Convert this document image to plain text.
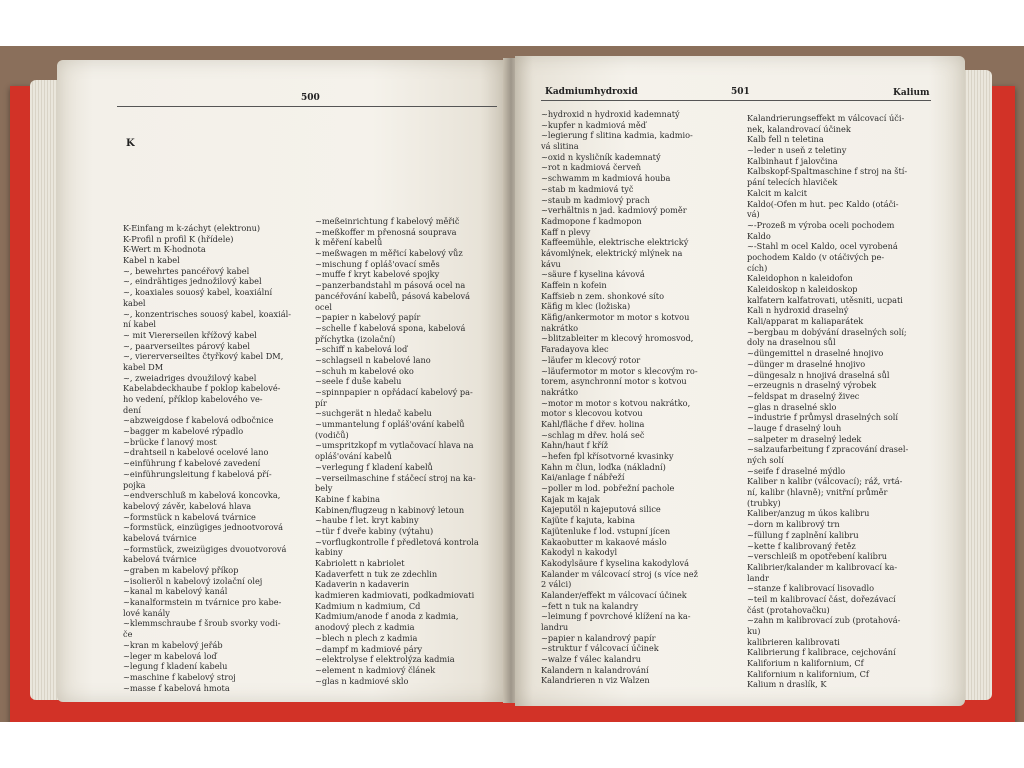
500
K
K-Einfang m k-záchyt (elektronu)
K-Profil n profil K (hřídele)
K-Wert m K-hodnota
Kabel n kabel
~, bewehrtes pancéřový kabel
~, eindrähtiges jednožilový kabel
~, koaxiales souosý kabel, koaxiální
kabel
~, konzentrisches souosý kabel, koaxiál-
ní kabel
~ mit Viererseilen křížový kabel
~, paarverseiltes párový kabel
~, viererverseiltes čtyřkový kabel DM,
kabel DM
~, zweiadriges dvoužilový kabel
Kabelabdeckhaube f poklop kabelové-
ho vedení, příklop kabelového ve-
dení
~abzweigdose f kabelová odbočnice
~bagger m kabelové rýpadlo
~brücke f lanový most
~drahtseil n kabelové ocelové lano
~einführung f kabelové zavedení
~einführungsleitung f kabelová pří-
pojka
~endverschluß m kabelová koncovka,
kabelový závěr, kabelová hlava
~formstück n kabelová tvárnice
~formstück, einzügiges jednootvorová
kabelová tvárnice
~formstück, zweizügiges dvouotvorová
kabelová tvárnice
~graben m kabelový příkop
~isolieröl n kabelový izolační olej
~kanal m kabelový kanál
~kanalformstein m tvárnice pro kabe-
lové kanály
~klemmschraube f šroub svorky vodi-
če
~kran m kabelový jeřáb
~leger m kabelová loď
~legung f kladení kabelu
~maschine f kabelový stroj
~masse f kabelová hmota
~meßeinrichtung f kabelový měřič
~meßkoffer m přenosná souprava
k měření kabelů
~meßwagen m měřicí kabelový vůz
~mischung f opláš'ovací směs
~muffe f kryt kabelové spojky
~panzerbandstahl m pásová ocel na
pancéřování kabelů, pásová kabelová
ocel
~papier n kabelový papír
~schelle f kabelová spona, kabelová
příchytka (izolační)
~schiff n kabelová loď
~schlagseil n kabelové lano
~schuh m kabelové oko
~seele f duše kabelu
~spinnpapier n opřádací kabelový pa-
pír
~suchgerät n hledač kabelu
~ummantelung f opláš'ování kabelů
(vodičů)
~umspritzkopf m vytlačovací hlava na
opláš'ování kabelů
~verlegung f kladení kabelů
~verseilmaschine f stáčecí stroj na ka-
bely
Kabine f kabina
Kabinen/flugzeug n kabinový letoun
~haube f let. kryt kabiny
~tür f dveře kabiny (výtahu)
~vorflugkontrolle f předletová kontrola
kabiny
Kabriolett n kabriolet
Kadaverfett n tuk ze zdechlin
Kadaverin n kadaverin
kadmieren kadmiovati, podkadmiovati
Kadmium n kadmium, Cd
Kadmium/anode f anoda z kadmia,
anodový plech z kadmia
~blech n plech z kadmia
~dampf m kadmiové páry
~elektrolyse f elektrolýza kadmia
~element n kadmiový článek
~glas n kadmiové sklo
Kadmiumhydroxid	501	Kalium
~hydroxid n hydroxid kademnatý
~kupfer n kadmiová měď
~legierung f slitina kadmia, kadmio-
vá slitina
~oxid n kysličník kademnatý
~rot n kadmiová červeň
~schwamm m kadmiová houba
~stab m kadmiová tyč
~staub m kadmiový prach
~verhältnis n jad. kadmiový poměr
Kadmopone f kadmopon
Kaff n plevy
Kaffeemühle, elektrische elektrický
kávomlýnek, elektrický mlýnek na
kávu
~säure f kyselina kávová
Kaffein n kofein
Kaffsieb n zem. shonkové síto
Käfig m klec (ložiska)
Käfig/ankermotor m motor s kotvou
nakrátko
~blitzableiter m klecový hromosvod,
Faradayova klec
~läufer m klecový rotor
~läufermotor m motor s klecovým ro-
torem, asynchronní motor s kotvou
nakrátko
~motor m motor s kotvou nakrátko,
motor s klecovou kotvou
Kahl/fläche f dřev. holina
~schlag m dřev. holá seč
Kahn/haut f kříž
~hefen fpl křísotvorné kvasinky
Kahn m člun, loďka (nákladní)
Kai/anlage f nábřeží
~poller m lod. pobřežní pachole
Kajak m kajak
Kajeputöl n kajeputová silice
Kajüte f kajuta, kabina
Kajütenluke f lod. vstupní jícen
Kakaobutter m kakaové máslo
Kakodyl n kakodyl
Kakodylsäure f kyselina kakodylová
Kalander m válcovací stroj (s více než
2 válci)
Kalander/effekt m válcovací účinek
~fett n tuk na kalandry
~leimung f povrchové klížení na ka-
landru
~papier n kalandrový papír
~struktur f válcovací účinek
~walze f válec kalandru
Kalandern n kalandrování
Kalandrieren n viz Walzen
Kalandrierungseffekt m válcovací úči-
nek, kalandrovací účinek
Kalb fell n teletina
~leder n useň z teletiny
Kalbinhaut f jalovčina
Kalbskopf-Spaltmaschine f stroj na ští-
pání telecích hlaviček
Kalcit m kalcit
Kaldo(-Ofen m hut. pec Kaldo (otáči-
vá)
~-Prozeß m výroba oceli pochodem
Kaldo
~-Stahl m ocel Kaldo, ocel vyrobená
pochodem Kaldo (v otáčivých pe-
cích)
Kaleidophon n kaleidofon
Kaleidoskop n kaleidoskop
kalfatern kalfatrovati, utěsniti, ucpati
Kali n hydroxid draselný
Kali/apparat m kaliaparátek
~bergbau m dobývání draselných solí;
doly na draselnou sůl
~düngemittel n draselné hnojivo
~dünger m draselné hnojivo
~düngesalz n hnojivá draselná sůl
~erzeugnis n draselný výrobek
~feldspat m draselný živec
~glas n draselné sklo
~industrie f průmysl draselných solí
~lauge f draselný louh
~salpeter m draselný ledek
~salzaufarbeitung f zpracování drasel-
ných solí
~seife f draselné mýdlo
Kaliber n kalibr (válcovací); ráž, vrtá-
ní, kalibr (hlavně); vnitřní průměr
(trubky)
Kaliber/anzug m úkos kalibru
~dorn m kalibrový trn
~füllung f zaplnění kalibru
~kette f kalibrovaný řetěz
~verschleiß m opotřebení kalibru
Kalibrier/kalander m kalibrovací ka-
landr
~stanze f kalibrovací lisovadlo
~teil m kalibrovací část, dořezávací
část (protahovačku)
~zahn m kalibrovací zub (protahová-
ku)
kalibrieren kalibrovati
Kalibrierung f kalibrace, cejchování
Kaliforium n kalifornium, Cf
Kalifornium n kalifornium, Cf
Kalium n draslík, K
